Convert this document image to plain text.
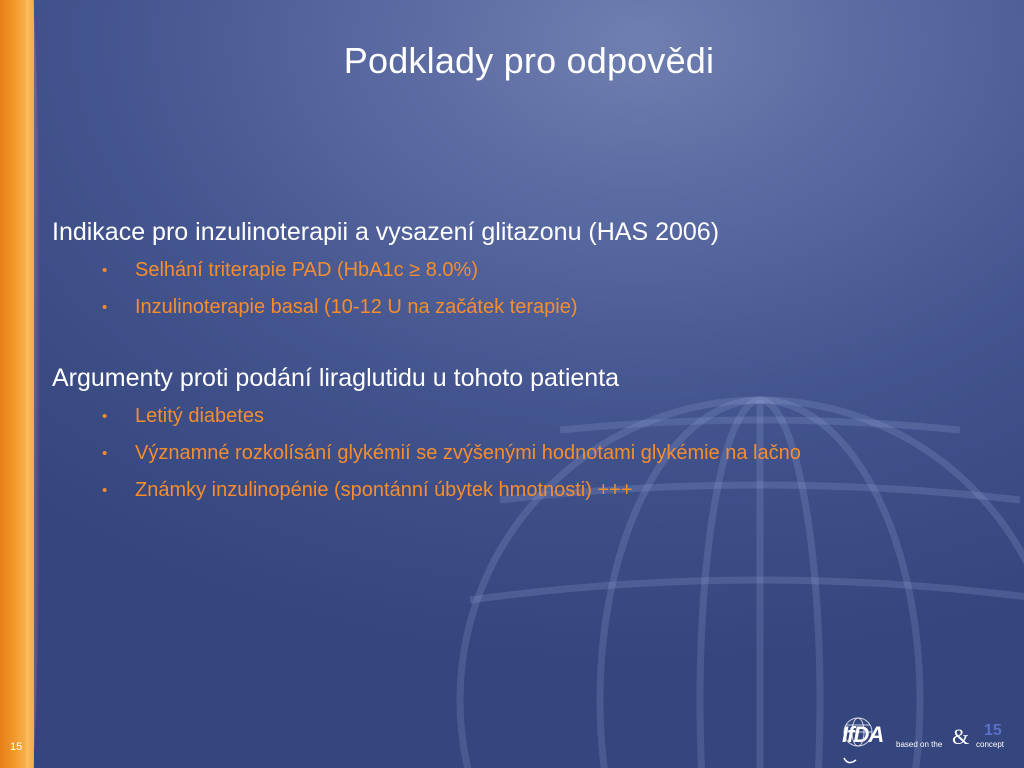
Podklady pro odpovědi

Indikace pro inzulinoterapii a vysazení glitazonu (HAS 2006)

• Selhání triterapie PAD (HbA1c ≥ 8.0%)
• Inzulinoterapie basal (10-12 U na začátek terapie)

Argumenty proti podání liraglutidu u tohoto patienta

• Letitý diabetes
• Významné rozkolísání glykémií se zvýšenými hodnotami glykémie na lačno
• Známky inzulinopénie (spontánní úbytek hmotnosti) +++
15	IfDA based on the & concept
15
